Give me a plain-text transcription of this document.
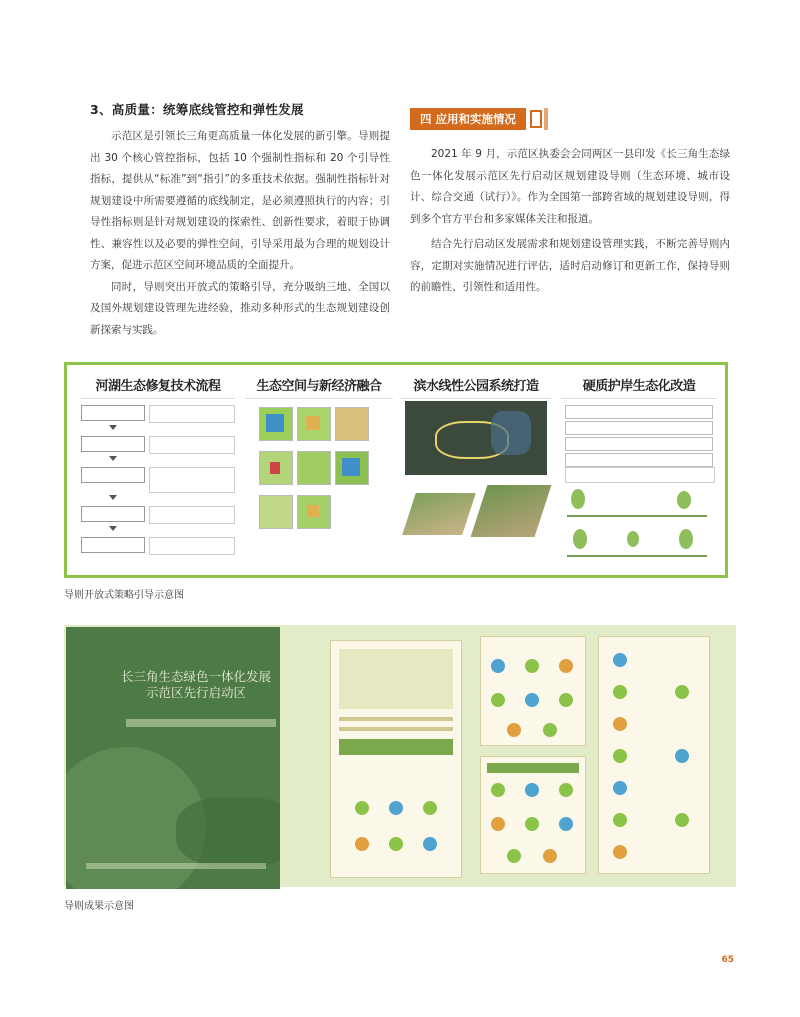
3、高质量：统筹底线管控和弹性发展

示范区是引领长三角更高质量一体化发展的新引擎。导则提出 30 个核心管控指标，包括 10 个强制性指标和 20 个引导性指标，提供从“标准”到“指引”的多重技术依据。强制性指标针对规划建设中所需要遵循的底线制定，是必须遵照执行的内容；引导性指标则是针对规划建设的探索性、创新性要求，着眼于协调性、兼容性以及必要的弹性空间，引导采用最为合理的规划设计方案，促进示范区空间环境品质的全面提升。

同时，导则突出开放式的策略引导，充分吸纳三地、全国以及国外规划建设管理先进经验，推动多种形式的生态规划建设创新探索与实践。

四 应用和实施情况

2021 年 9 月，示范区执委会会同两区一县印发《长三角生态绿色一体化发展示范区先行启动区规划建设导则（生态环境、城市设计、综合交通（试行）》。作为全国第一部跨省域的规划建设导则，得到多个官方平台和多家媒体关注和报道。

结合先行启动区发展需求和规划建设管理实践，不断完善导则内容，定期对实施情况进行评估，适时启动修订和更新工作，保持导则的前瞻性、引领性和适用性。

河湖生态修复技术流程	生态空间与新经济融合	滨水线性公园系统打造	硬质护岸生态化改造
导则开放式策略引导示意图
长三角生态绿色一体化发展示范区先行启动区
导则成果示意图
65
